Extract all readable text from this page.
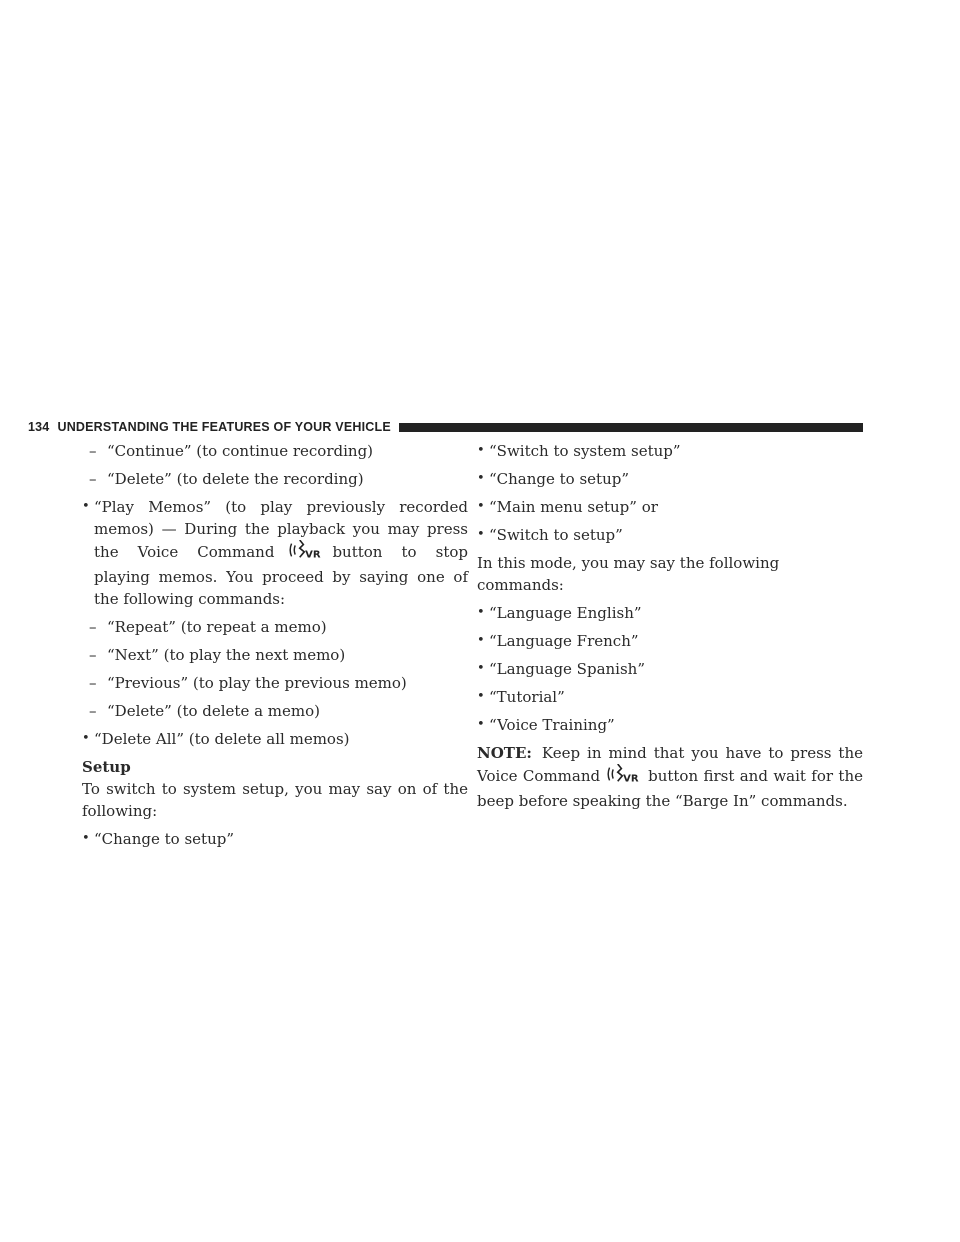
134 UNDERSTANDING THE FEATURES OF YOUR VEHICLE
– “Continue” (to continue recording)
– “Delete” (to delete the recording)
• “Play Memos” (to play previously recorded memos) — During the playback you may press the Voice Command	button to stop playing memos. You proceed by saying one of the following commands:
– “Repeat” (to repeat a memo)
– “Next” (to play the next memo)
– “Previous” (to play the previous memo)
– “Delete” (to delete a memo)
• “Delete All” (to delete all memos)
Setup
To switch to system setup, you may say on of the following:
• “Change to setup”
• “Switch to system setup”
• “Change to setup”
• “Main menu setup” or
• “Switch to setup”
In this mode, you may say the following commands:
• “Language English”
• “Language French”
• “Language Spanish”
• “Tutorial”
• “Voice Training”
NOTE: Keep in mind that you have to press the Voice Command	button first and wait for the beep before speaking the “Barge In” commands.
